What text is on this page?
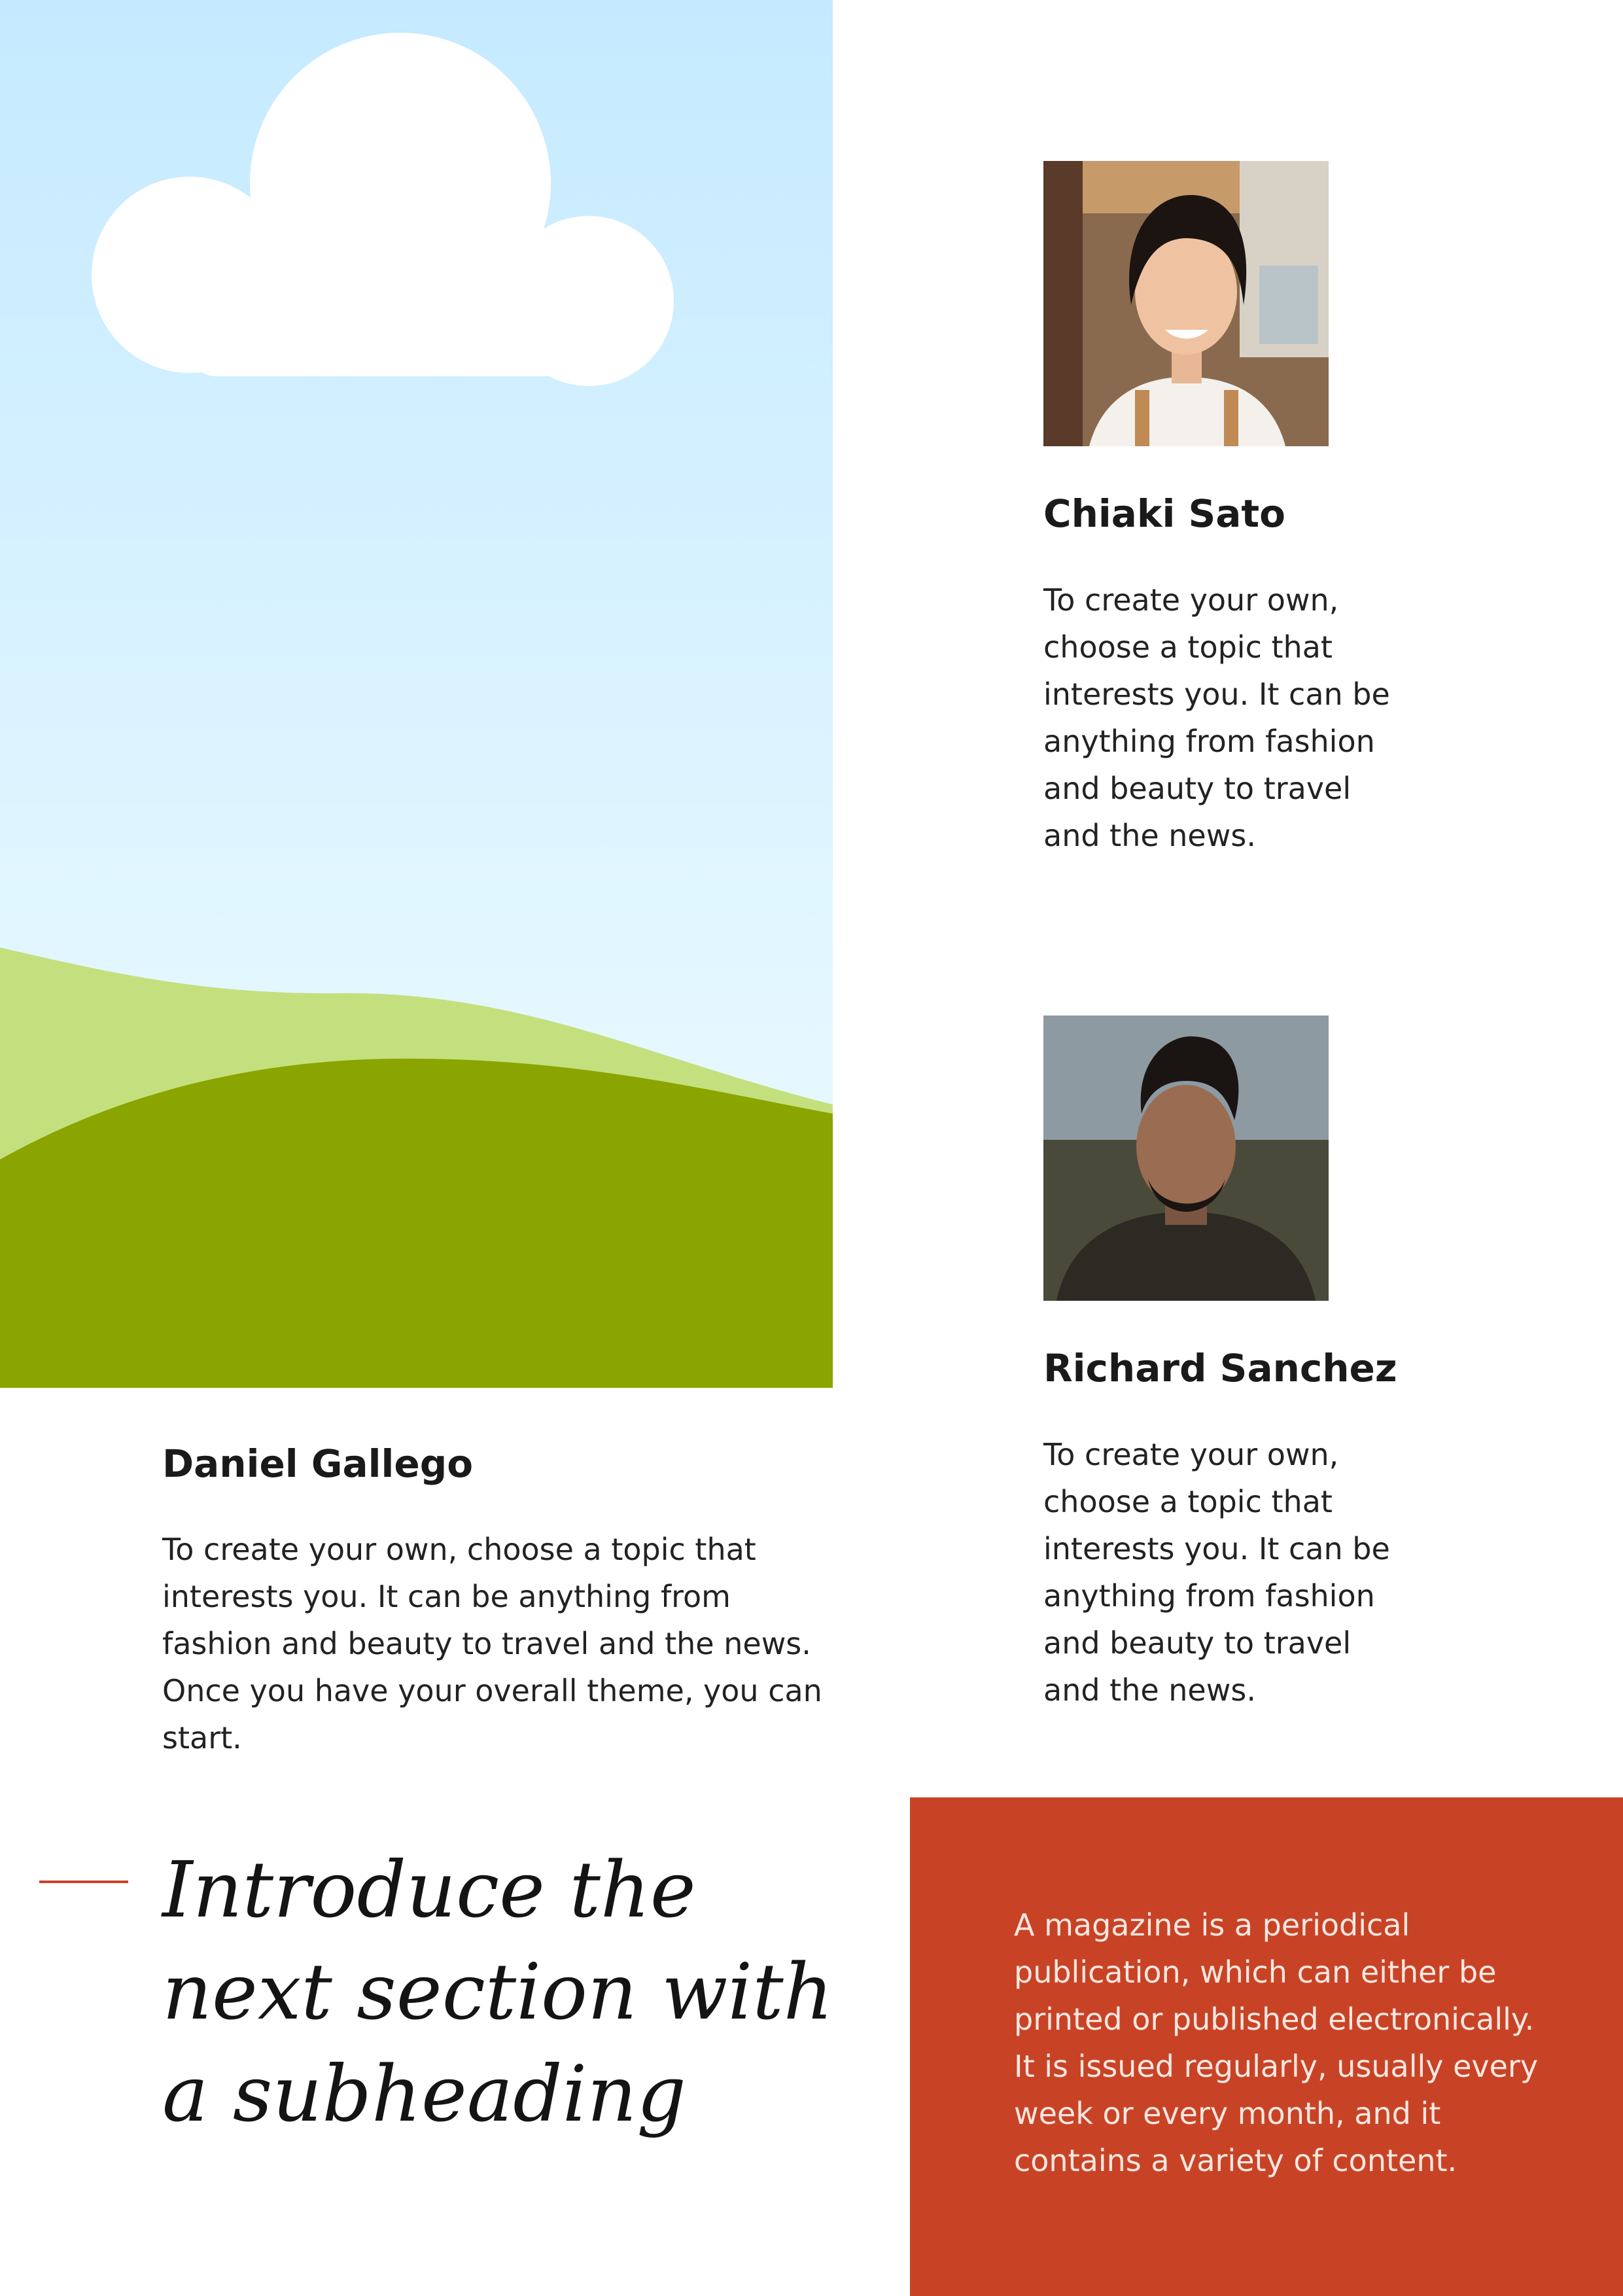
Chiaki Sato

To create your own, choose a topic that interests you. It can be anything from fashion and beauty to travel and the news.

Richard Sanchez

To create your own, choose a topic that interests you. It can be anything from fashion and beauty to travel and the news.

Daniel Gallego

To create your own, choose a topic that interests you. It can be anything from fashion and beauty to travel and the news. Once you have your overall theme, you can start.

Introduce the next section with a subheading

A magazine is a periodical publication, which can either be printed or published electronically. It is issued regularly, usually every week or every month, and it contains a variety of content.
